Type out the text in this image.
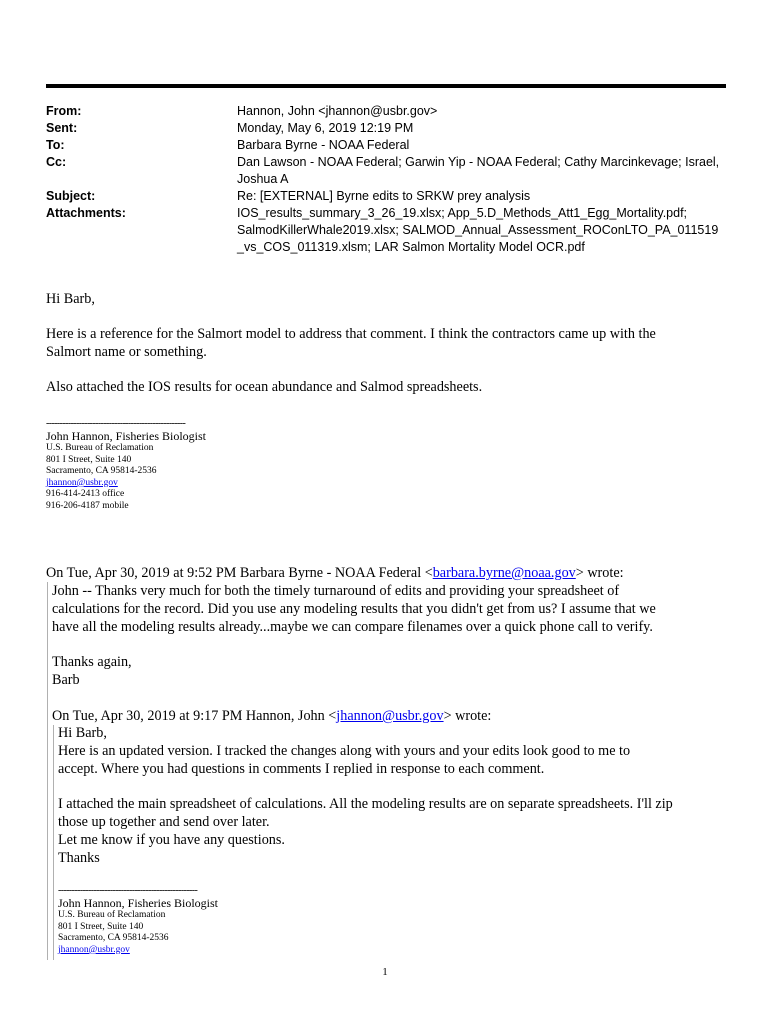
From:	Hannon, John <jhannon@usbr.gov>
Sent:	Monday, May 6, 2019 12:19 PM
To:	Barbara Byrne - NOAA Federal
Cc:	Dan Lawson - NOAA Federal; Garwin Yip - NOAA Federal; Cathy Marcinkevage; Israel,
Joshua A
Subject:	Re: [EXTERNAL] Byrne edits to SRKW prey analysis
Attachments:	IOS_results_summary_3_26_19.xlsx; App_5.D_Methods_Att1_Egg_Mortality.pdf;
SalmodKillerWhale2019.xlsx; SALMOD_Annual_Assessment_ROConLTO_PA_011519
_vs_COS_011319.xlsm; LAR Salmon Mortality Model OCR.pdf

Hi Barb,

Here is a reference for the Salmort model to address that comment. I think the contractors came up with the

Salmort name or something.

Also attached the IOS results for ocean abundance and Salmod spreadsheets.

---------------------------------------------------
John Hannon, Fisheries Biologist
U.S. Bureau of Reclamation
801 I Street, Suite 140
Sacramento, CA 95814-2536
jhannon@usbr.gov
916-414-2413 office
916-206-4187 mobile
On Tue, Apr 30, 2019 at 9:52 PM Barbara Byrne - NOAA Federal <barbara.byrne@noaa.gov> wrote:

John -- Thanks very much for both the timely turnaround of edits and providing your spreadsheet of

calculations for the record. Did you use any modeling results that you didn't get from us? I assume that we

have all the modeling results already...maybe we can compare filenames over a quick phone call to verify.

Thanks again,

Barb

On Tue, Apr 30, 2019 at 9:17 PM Hannon, John <jhannon@usbr.gov> wrote:

Hi Barb,

Here is an updated version. I tracked the changes along with yours and your edits look good to me to

accept. Where you had questions in comments I replied in response to each comment.

I attached the main spreadsheet of calculations. All the modeling results are on separate spreadsheets. I'll zip

those up together and send over later.

Let me know if you have any questions.

Thanks

---------------------------------------------------
John Hannon, Fisheries Biologist
U.S. Bureau of Reclamation
801 I Street, Suite 140
Sacramento, CA 95814-2536
jhannon@usbr.gov
1
